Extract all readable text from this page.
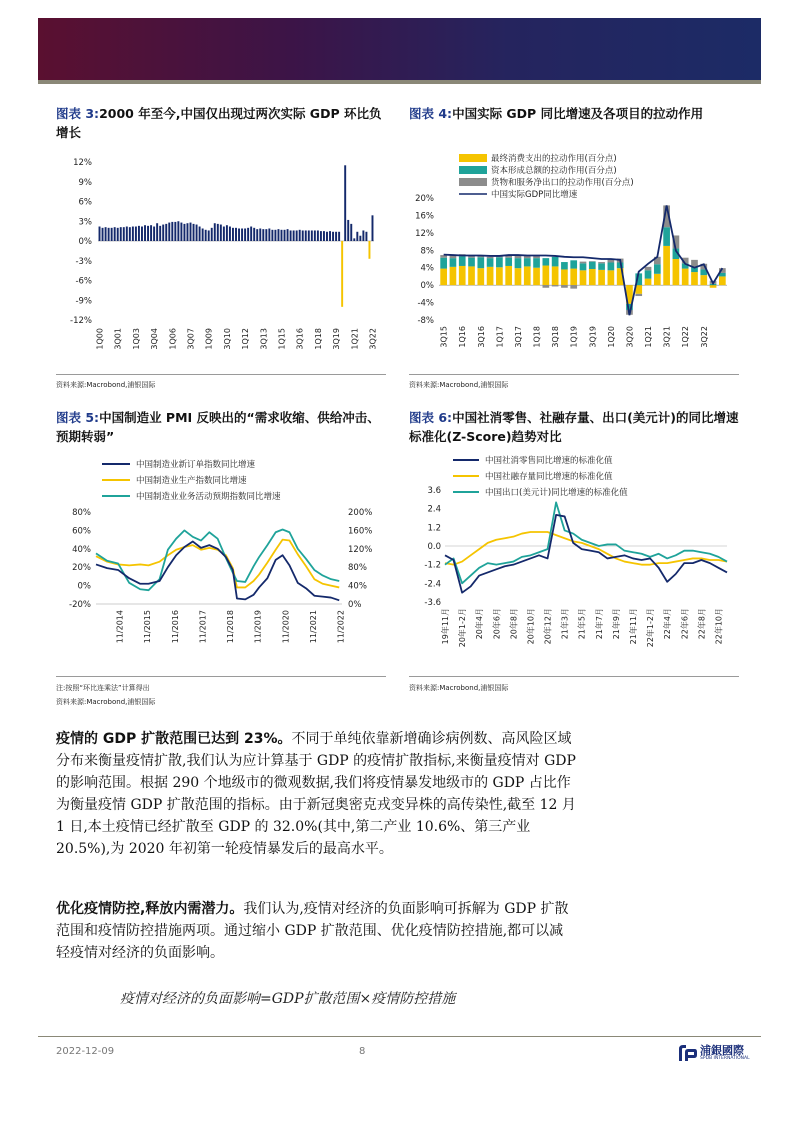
图表 3:2000 年至今,中国仅出现过两次实际 GDP 环比负增长
12%
9%
6%
3%
0%
-3%
-6%
-9%
-12%
1Q00 3Q01 1Q03 3Q04 1Q06 3Q07 1Q09 3Q10 1Q12 3Q13 1Q15 3Q16 1Q18 3Q19 1Q21 3Q22
资料来源:Macrobond,浦银国际
图表 4:中国实际 GDP 同比增速及各项目的拉动作用
最终消费支出的拉动作用(百分点)
资本形成总额的拉动作用(百分点)
货物和服务净出口的拉动作用(百分点)
中国实际GDP同比增速
20%
16%
12%
8%
4%
0%
-4%
-8%
3Q15 1Q16 3Q16 1Q17 3Q17 1Q18 3Q18 1Q19 3Q19 1Q20 3Q20 1Q21 3Q21 1Q22 3Q22
资料来源:Macrobond,浦银国际
图表 5:中国制造业 PMI 反映出的“需求收缩、供给冲击、预期转弱”
中国制造业新订单指数同比增速
中国制造业生产指数同比增速
中国制造业业务活动预期指数同比增速
80%
60%
40%
20%
0%
-20%
200%
160%
120%
80%
40%
0%
11/2014 11/2015 11/2016 11/2017 11/2018 11/2019 11/2020 11/2021 11/2022
注:按照“环比连乘法”计算得出
资料来源:Macrobond,浦银国际
图表 6:中国社消零售、社融存量、出口(美元计)的同比增速标准化(Z-Score)趋势对比
中国社消零售同比增速的标准化值
中国社融存量同比增速的标准化值
中国出口(美元计)同比增速的标准化值
3.6
2.4
1.2
0.0
-1.2
-2.4
-3.6
19年11月 20年1-2月 20年4月 20年6月 20年8月 20年10月 20年12月 21年3月 21年5月 21年7月 21年9月 21年11月 22年1-2月 22年4月 22年6月 22年8月 22年10月
资料来源:Macrobond,浦银国际
疫情的 GDP 扩散范围已达到 23%。不同于单纯依靠新增确诊病例数、高风险区域分布来衡量疫情扩散,我们认为应计算基于 GDP 的疫情扩散指标,来衡量疫情对 GDP 的影响范围。根据 290 个地级市的微观数据,我们将疫情暴发地级市的 GDP 占比作为衡量疫情 GDP 扩散范围的指标。由于新冠奥密克戎变异株的高传染性,截至 12 月 1 日,本土疫情已经扩散至 GDP 的 32.0%(其中,第二产业 10.6%、第三产业 20.5%),为 2020 年初第一轮疫情暴发后的最高水平。
优化疫情防控,释放内需潜力。我们认为,疫情对经济的负面影响可拆解为 GDP 扩散范围和疫情防控措施两项。通过缩小 GDP 扩散范围、优化疫情防控措施,都可以减轻疫情对经济的负面影响。
疫情对经济的负面影响=GDP扩散范围×疫情防控措施
2022-12-09	8	浦銀國際
SPDB INTERNATIONAL
